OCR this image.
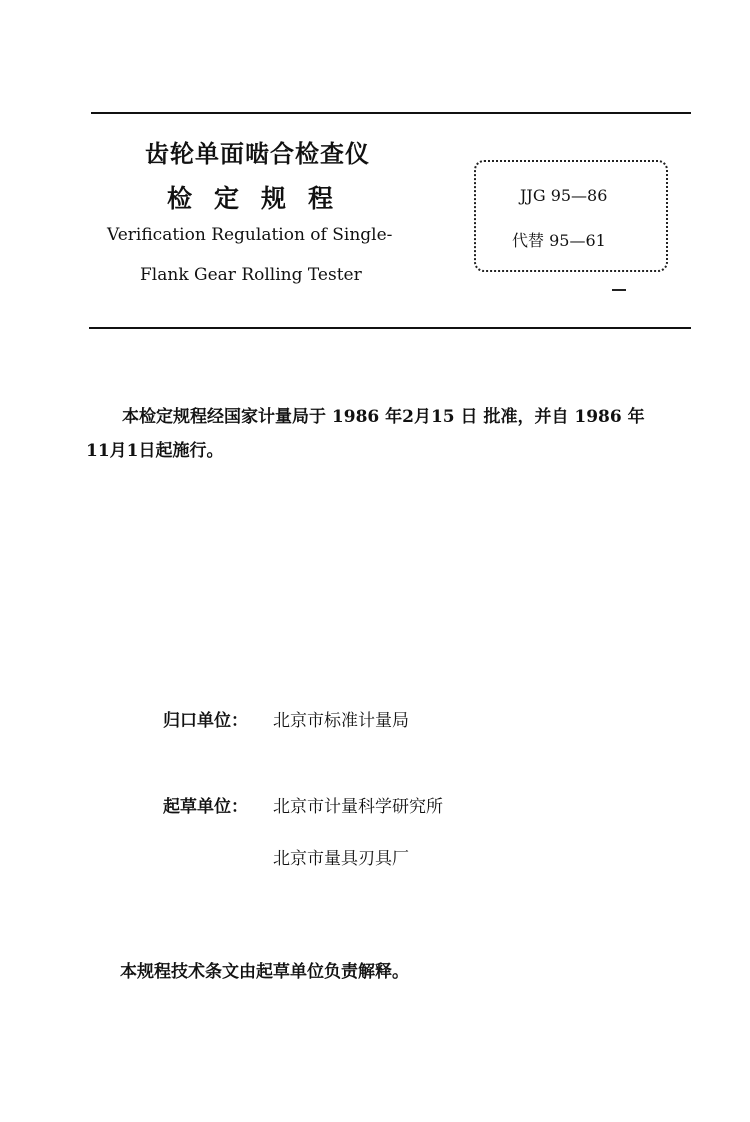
齿轮单面啮合检查仪
检定规程
Verification Regulation of Single-
Flank Gear Rolling Tester
JJG 95—86
代替 95—61
本检定规程经国家计量局于 1986 年2月15 日 批准，并自 1986 年
11月1日起施行。
归口单位： 北京市标准计量局
起草单位： 北京市计量科学研究所
北京市量具刃具厂
本规程技术条文由起草单位负责解释。
